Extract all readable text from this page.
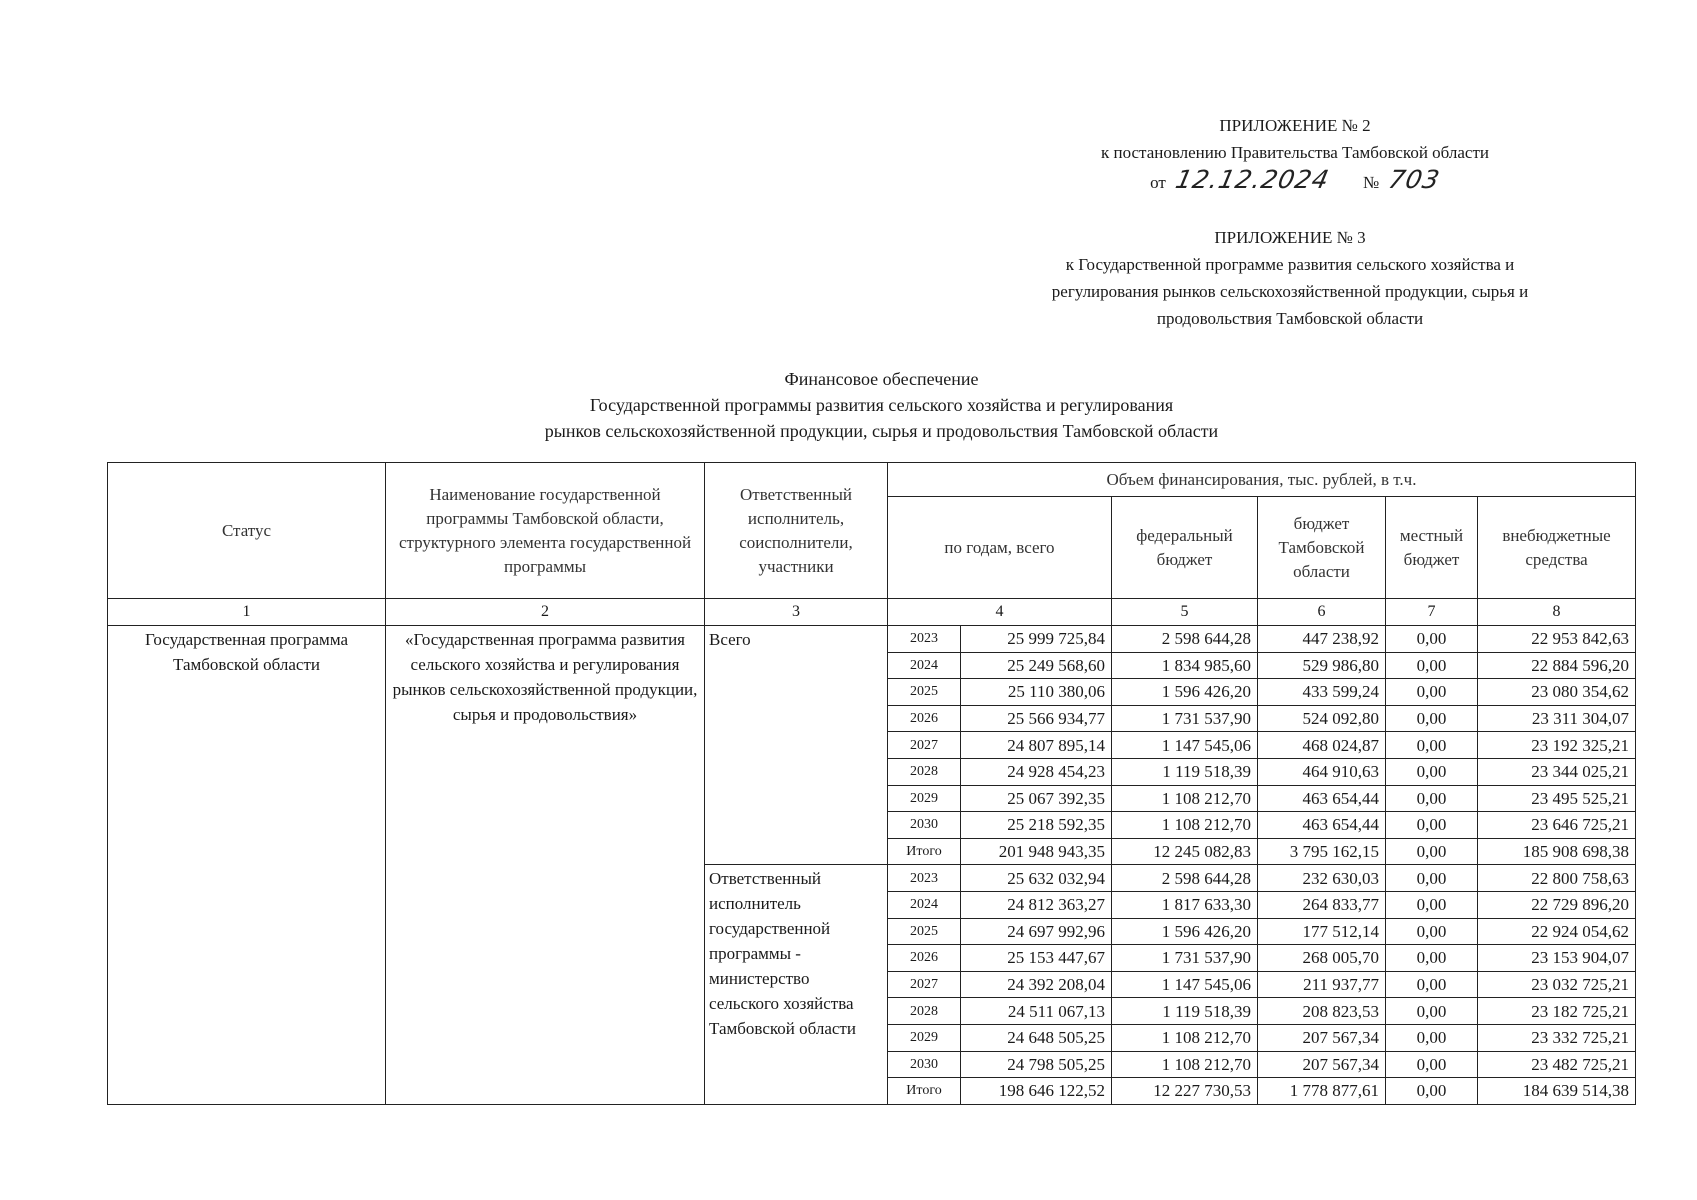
ПРИЛОЖЕНИЕ № 2
к постановлению Правительства Тамбовской области
от 12.12.2024 № 703
ПРИЛОЖЕНИЕ № 3
к Государственной программе развития сельского хозяйства и
регулирования рынков сельскохозяйственной продукции, сырья и
продовольствия Тамбовской области
Финансовое обеспечение
Государственной программы развития сельского хозяйства и регулирования
рынков сельскохозяйственной продукции, сырья и продовольствия Тамбовской области
Статус	Наименование государственной программы Тамбовской области, структурного элемента государственной программы	Ответственный исполнитель, соисполнители, участники	Объем финансирования, тыс. рублей, в т.ч.					
			по годам, всего		федеральный бюджет	бюджет Тамбовской области	местный бюджет	внебюджетные средства
1	2	3	4		5	6	7	8
Государственная программа Тамбовской области	«Государственная программа развития сельского хозяйства и регулирования рынков сельскохозяйственной продукции, сырья и продовольствия»	Всего	2023	25 999 725,84	2 598 644,28	447 238,92	0,00	22 953 842,63
			2024	25 249 568,60	1 834 985,60	529 986,80	0,00	22 884 596,20
			2025	25 110 380,06	1 596 426,20	433 599,24	0,00	23 080 354,62
			2026	25 566 934,77	1 731 537,90	524 092,80	0,00	23 311 304,07
			2027	24 807 895,14	1 147 545,06	468 024,87	0,00	23 192 325,21
			2028	24 928 454,23	1 119 518,39	464 910,63	0,00	23 344 025,21
			2029	25 067 392,35	1 108 212,70	463 654,44	0,00	23 495 525,21
			2030	25 218 592,35	1 108 212,70	463 654,44	0,00	23 646 725,21
			Итого	201 948 943,35	12 245 082,83	3 795 162,15	0,00	185 908 698,38
		Ответственный исполнитель государственной программы - министерство сельского хозяйства Тамбовской области	2023	25 632 032,94	2 598 644,28	232 630,03	0,00	22 800 758,63
			2024	24 812 363,27	1 817 633,30	264 833,77	0,00	22 729 896,20
			2025	24 697 992,96	1 596 426,20	177 512,14	0,00	22 924 054,62
			2026	25 153 447,67	1 731 537,90	268 005,70	0,00	23 153 904,07
			2027	24 392 208,04	1 147 545,06	211 937,77	0,00	23 032 725,21
			2028	24 511 067,13	1 119 518,39	208 823,53	0,00	23 182 725,21
			2029	24 648 505,25	1 108 212,70	207 567,34	0,00	23 332 725,21
			2030	24 798 505,25	1 108 212,70	207 567,34	0,00	23 482 725,21
			Итого	198 646 122,52	12 227 730,53	1 778 877,61	0,00	184 639 514,38
